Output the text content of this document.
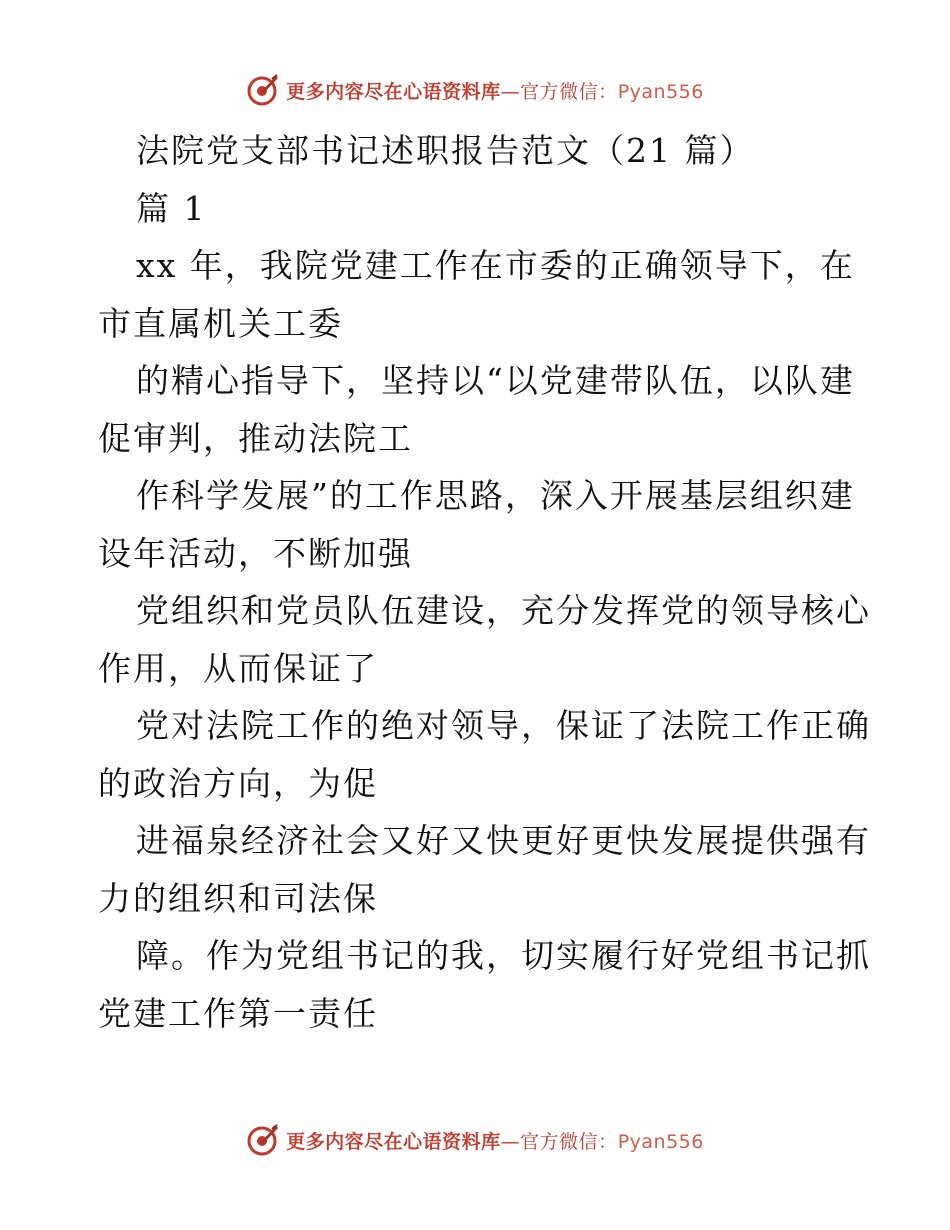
更多内容尽在心语资料库—官方微信：Pyan556
法院党支部书记述职报告范文（21 篇）
篇 1
xx 年，我院党建工作在市委的正确领导下，在
市直属机关工委
的精心指导下，坚持以“以党建带队伍，以队建
促审判，推动法院工
作科学发展”的工作思路，深入开展基层组织建
设年活动，不断加强
党组织和党员队伍建设，充分发挥党的领导核心
作用，从而保证了
党对法院工作的绝对领导，保证了法院工作正确
的政治方向，为促
进福泉经济社会又好又快更好更快发展提供强有
力的组织和司法保
障。作为党组书记的我，切实履行好党组书记抓
党建工作第一责任
更多内容尽在心语资料库—官方微信：Pyan556
